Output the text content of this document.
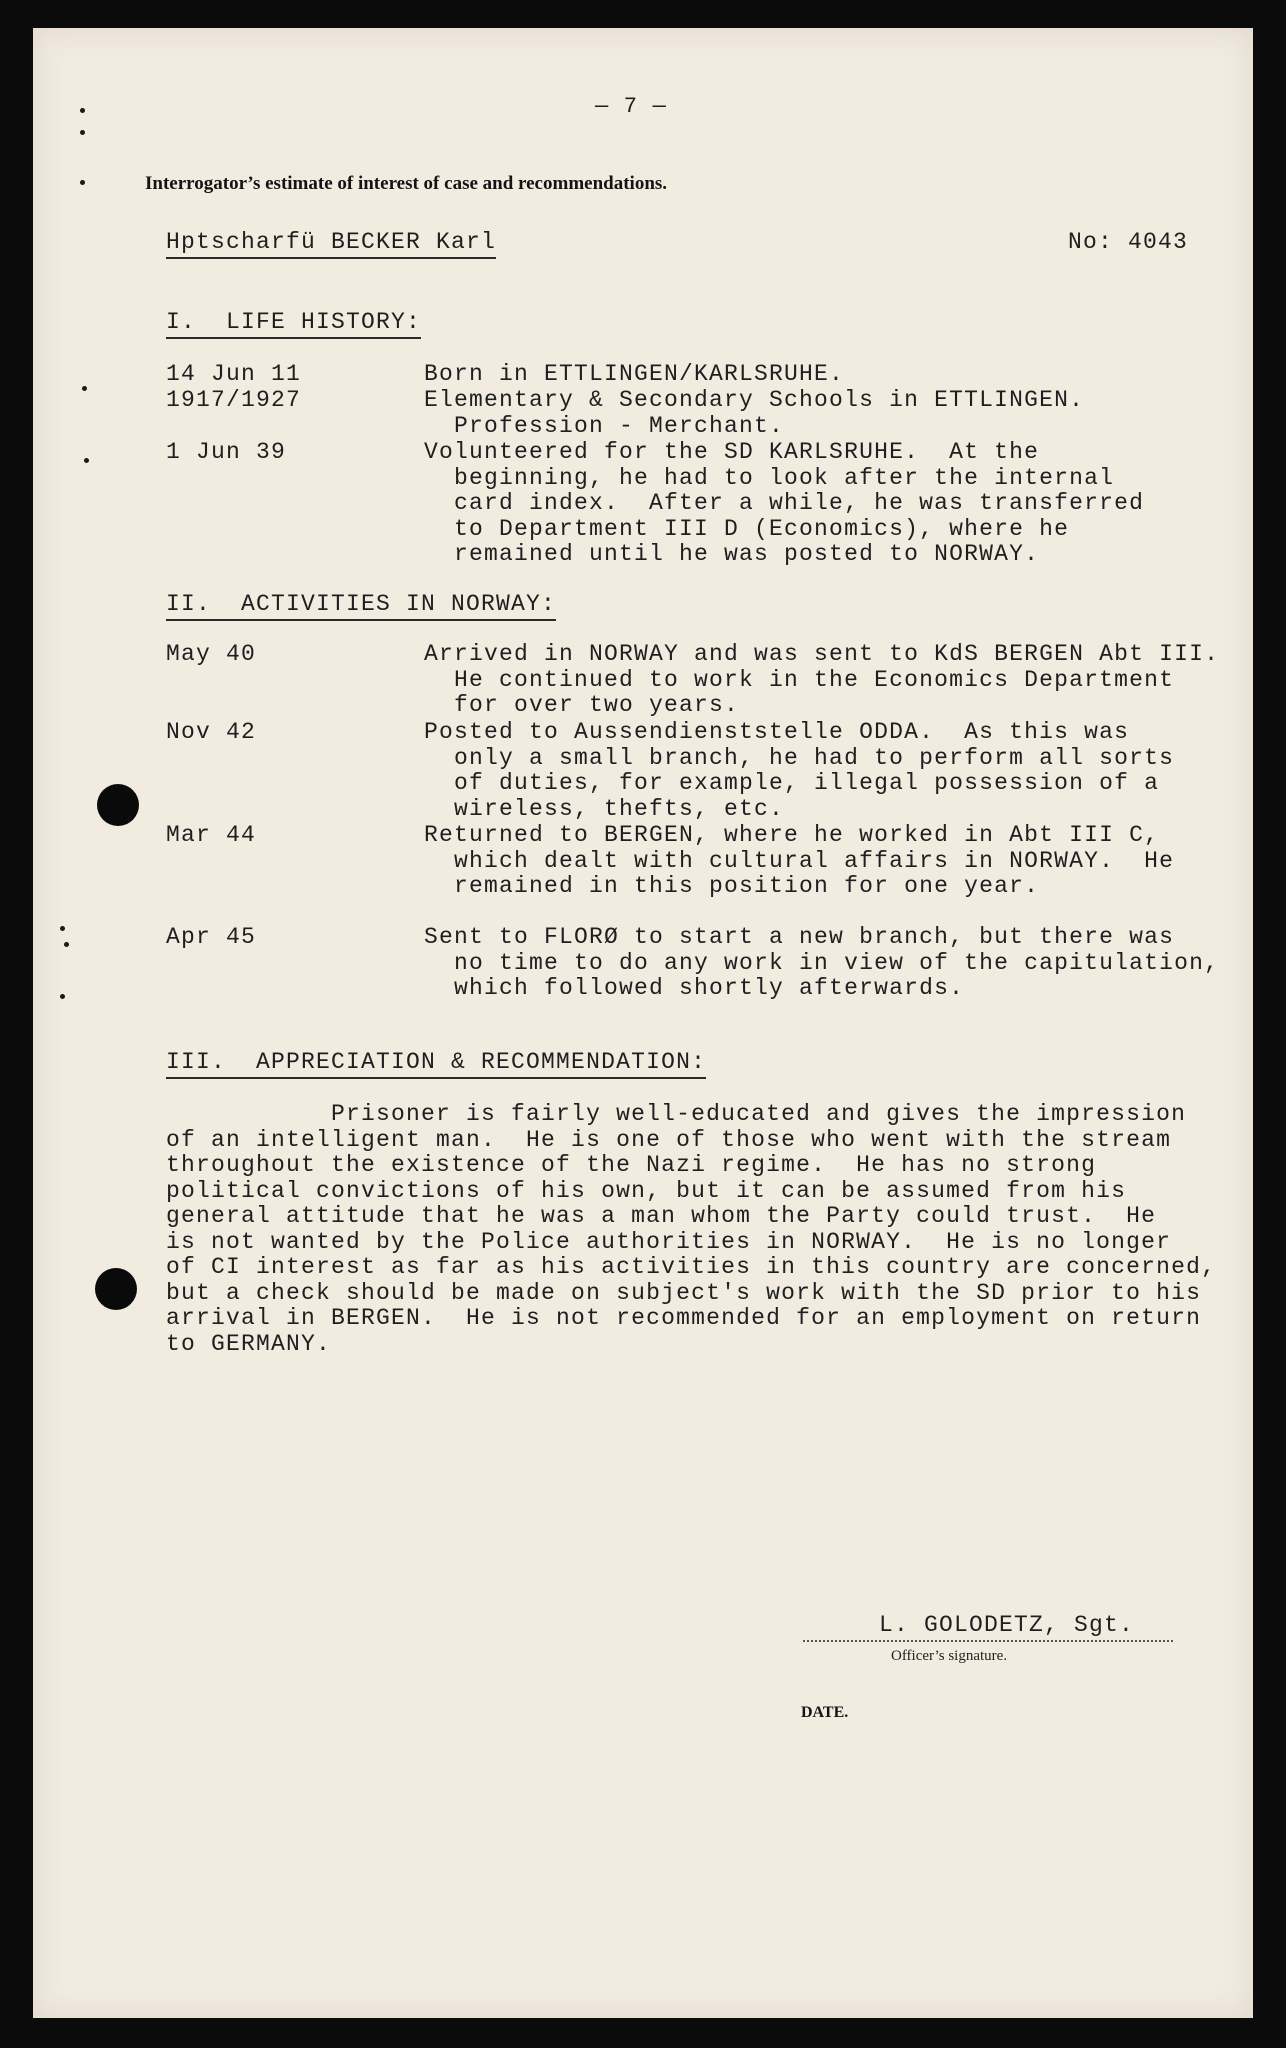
— 7 —
Interrogator’s estimate of interest of case and recommendations.
Hptscharfü BECKER Karl	No: 4043
I.  LIFE HISTORY:
14 Jun 11	Born in ETTLINGEN/KARLSRUHE.
1917/1927	Elementary & Secondary Schools in ETTLINGEN.
Profession - Merchant.
1 Jun 39	Volunteered for the SD KARLSRUHE.  At the
beginning, he had to look after the internal
card index.  After a while, he was transferred
to Department III D (Economics), where he
remained until he was posted to NORWAY.
II.  ACTIVITIES IN NORWAY:
May 40	Arrived in NORWAY and was sent to KdS BERGEN Abt III.
He continued to work in the Economics Department
for over two years.
Nov 42	Posted to Aussendienststelle ODDA.  As this was
only a small branch, he had to perform all sorts
of duties, for example, illegal possession of a
wireless, thefts, etc.
Mar 44	Returned to BERGEN, where he worked in Abt III C,
which dealt with cultural affairs in NORWAY.  He
remained in this position for one year.
Apr 45	Sent to FLORØ to start a new branch, but there was
no time to do any work in view of the capitulation,
which followed shortly afterwards.
III.  APPRECIATION & RECOMMENDATION:
Prisoner is fairly well-educated and gives the impression
of an intelligent man.  He is one of those who went with the stream
throughout the existence of the Nazi regime.  He has no strong
political convictions of his own, but it can be assumed from his
general attitude that he was a man whom the Party could trust.  He
is not wanted by the Police authorities in NORWAY.  He is no longer
of CI interest as far as his activities in this country are concerned,
but a check should be made on subject's work with the SD prior to his
arrival in BERGEN.  He is not recommended for an employment on return
to GERMANY.
L. GOLODETZ, Sgt.
Officer’s signature.
DATE.
